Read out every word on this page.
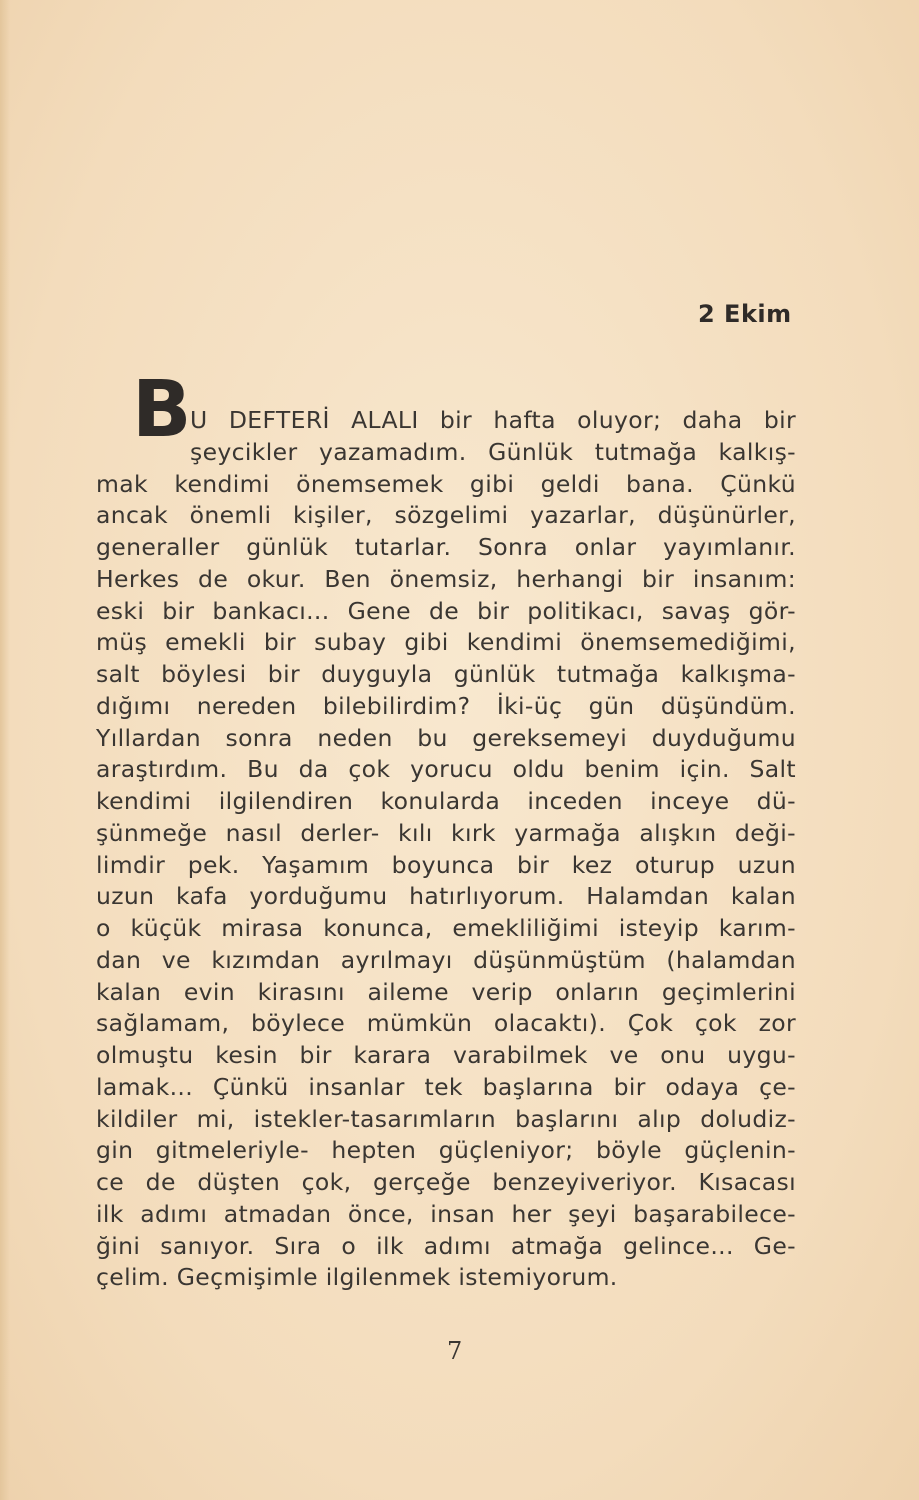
2 Ekim
B
U DEFTERİ ALALI bir hafta oluyor; daha bir
şeycikler yazamadım. Günlük tutmağa kalkış-
mak kendimi önemsemek gibi geldi bana. Çünkü
ancak önemli kişiler, sözgelimi yazarlar, düşünürler,
generaller günlük tutarlar. Sonra onlar yayımlanır.
Herkes de okur. Ben önemsiz, herhangi bir insanım:
eski bir bankacı... Gene de bir politikacı, savaş gör-
müş emekli bir subay gibi kendimi önemsemediğimi,
salt böylesi bir duyguyla günlük tutmağa kalkışma-
dığımı nereden bilebilirdim? İki-üç gün düşündüm.
Yıllardan sonra neden bu gereksemeyi duyduğumu
araştırdım. Bu da çok yorucu oldu benim için. Salt
kendimi ilgilendiren konularda inceden inceye dü-
şünmeğe nasıl derler- kılı kırk yarmağa alışkın deği-
limdir pek. Yaşamım boyunca bir kez oturup uzun
uzun kafa yorduğumu hatırlıyorum. Halamdan kalan
o küçük mirasa konunca, emekliliğimi isteyip karım-
dan ve kızımdan ayrılmayı düşünmüştüm (halamdan
kalan evin kirasını aileme verip onların geçimlerini
sağlamam, böylece mümkün olacaktı). Çok çok zor
olmuştu kesin bir karara varabilmek ve onu uygu-
lamak... Çünkü insanlar tek başlarına bir odaya çe-
kildiler mi, istekler-tasarımların başlarını alıp doludiz-
gin gitmeleriyle- hepten güçleniyor; böyle güçlenin-
ce de düşten çok, gerçeğe benzeyiveriyor. Kısacası
ilk adımı atmadan önce, insan her şeyi başarabilece-
ğini sanıyor. Sıra o ilk adımı atmağa gelince... Ge-
çelim. Geçmişimle ilgilenmek istemiyorum.
7
